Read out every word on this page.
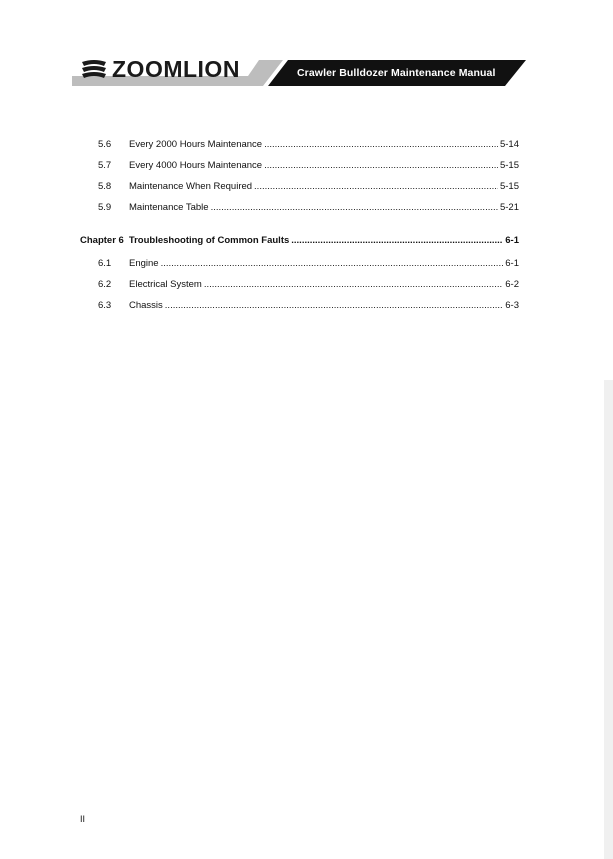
ZOOMLION	Crawler Bulldozer Maintenance Manual
5.6	Every 2000 Hours Maintenance .....	5-14
5.7	Every 4000 Hours Maintenance .....	5-15
5.8	Maintenance When Required .....	5-15
5.9	Maintenance Table .....	5-21
Chapter 6 Troubleshooting of Common Faults .....	6-1
6.1	Engine .....	6-1
6.2	Electrical System .....	6-2
6.3	Chassis .....	6-3
II
